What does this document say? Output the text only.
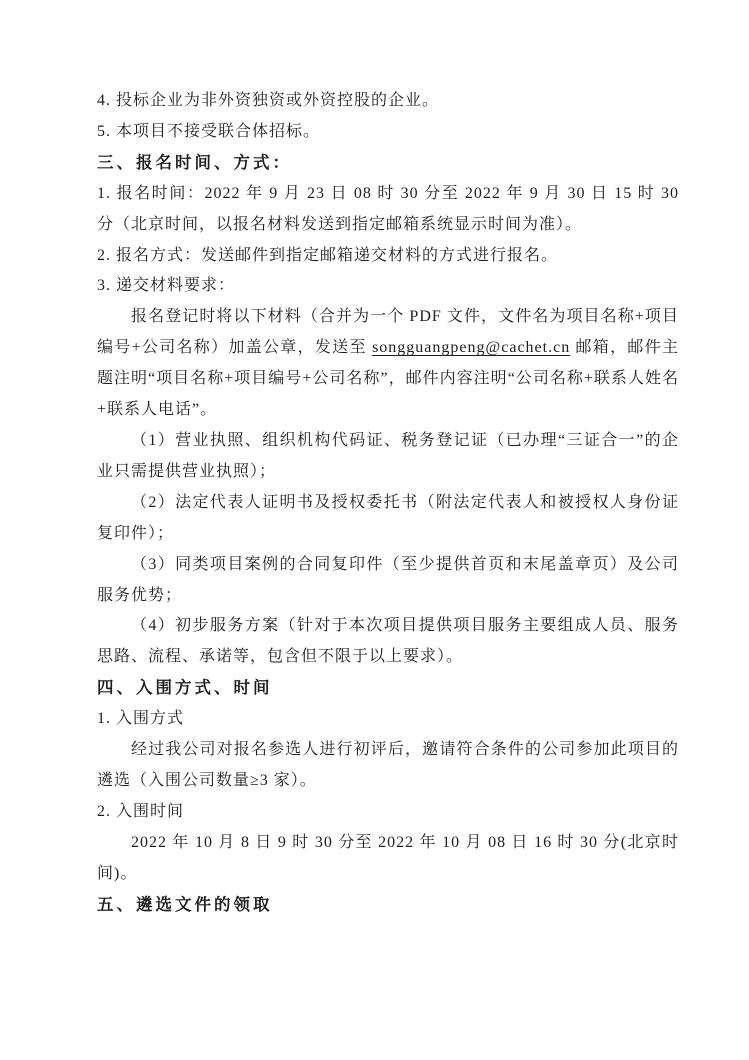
4. 投标企业为非外资独资或外资控股的企业。

5. 本项目不接受联合体招标。

三、报名时间、方式：

1. 报名时间：2022 年 9 月 23 日 08 时 30 分至 2022 年 9 月 30 日 15 时 30 分（北京时间，以报名材料发送到指定邮箱系统显示时间为准）。

2. 报名方式：发送邮件到指定邮箱递交材料的方式进行报名。

3. 递交材料要求：

报名登记时将以下材料（合并为一个 PDF 文件，文件名为项目名称+项目编号+公司名称）加盖公章，发送至 songguangpeng@cachet.cn 邮箱，邮件主题注明“项目名称+项目编号+公司名称”，邮件内容注明“公司名称+联系人姓名+联系人电话”。

（1）营业执照、组织机构代码证、税务登记证（已办理“三证合一”的企业只需提供营业执照）；

（2）法定代表人证明书及授权委托书（附法定代表人和被授权人身份证复印件）；

（3）同类项目案例的合同复印件（至少提供首页和末尾盖章页）及公司服务优势；

（4）初步服务方案（针对于本次项目提供项目服务主要组成人员、服务思路、流程、承诺等，包含但不限于以上要求）。

四、入围方式、时间

1. 入围方式

经过我公司对报名参选人进行初评后，邀请符合条件的公司参加此项目的遴选（入围公司数量≥3 家）。

2. 入围时间

2022 年 10 月 8 日 9 时 30 分至 2022 年 10 月 08 日 16 时 30 分(北京时间)。

五、遴选文件的领取
